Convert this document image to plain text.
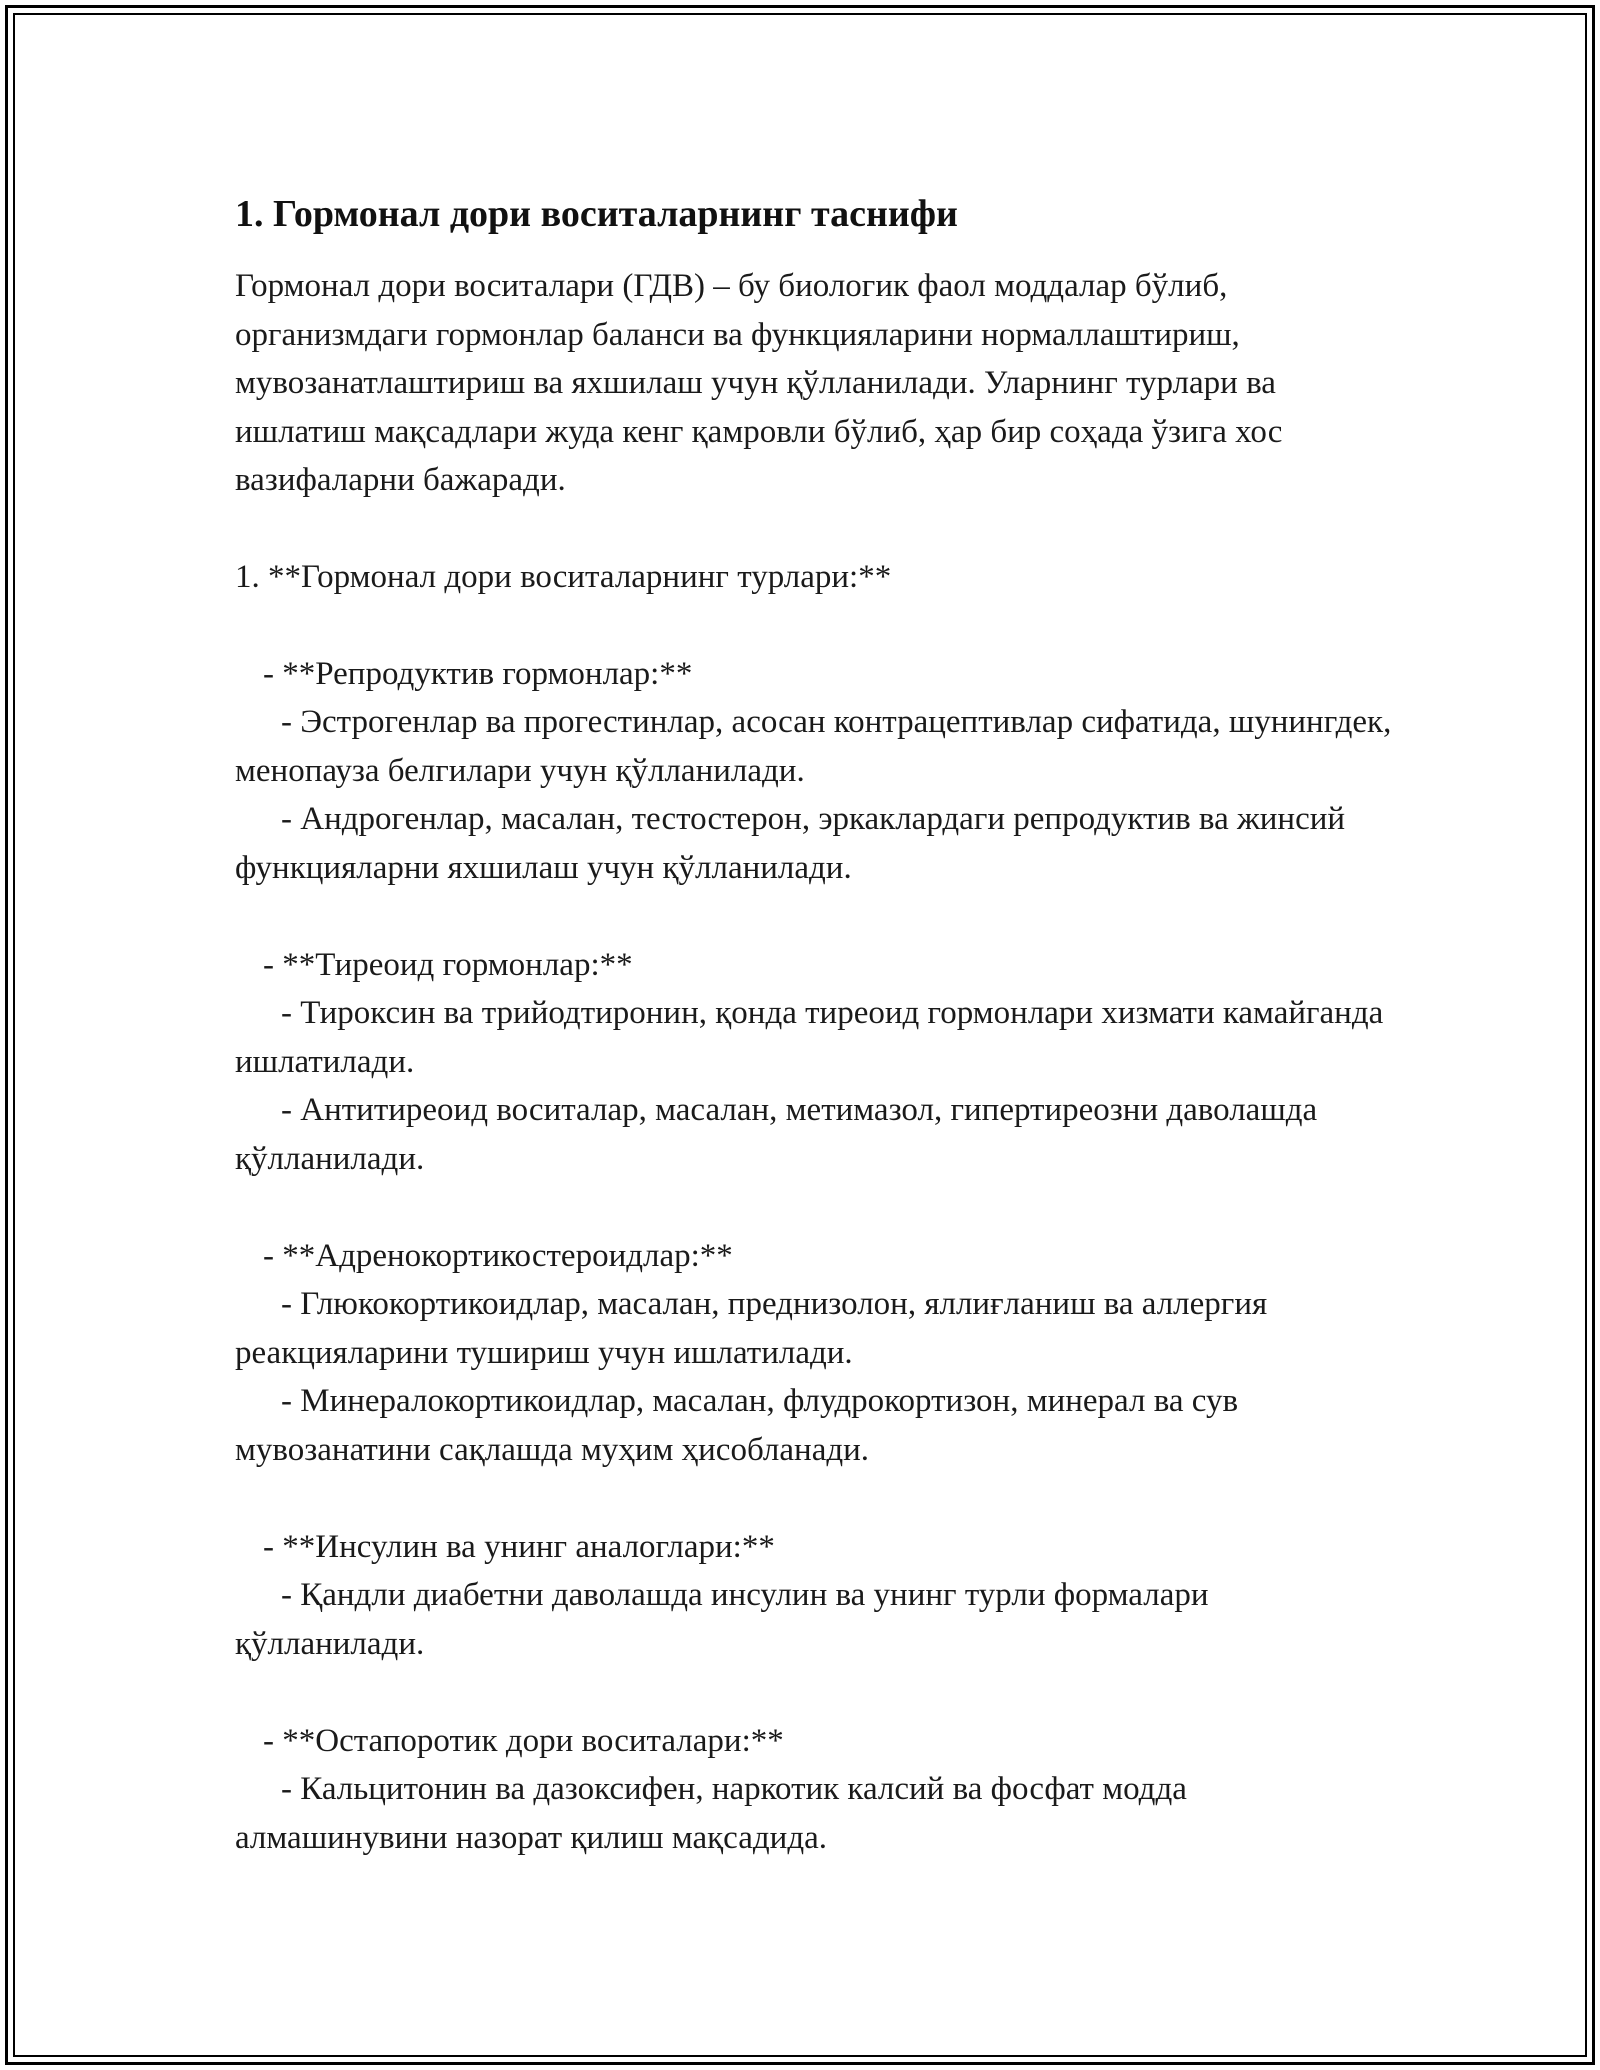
1. Гормонал дори воситаларнинг таснифи

Гормонал дори воситалари (ГДВ) – бу биологик фаол моддалар бўлиб, организмдаги гормонлар баланси ва функцияларини нормаллаштириш, мувозанатлаштириш ва яхшилаш учун қўлланилади. Уларнинг турлари ва ишлатиш мақсадлари жуда кенг қамровли бўлиб, ҳар бир соҳада ўзига хос вазифаларни бажаради.

1. **Гормонал дори воситаларнинг турлари:**

- **Репродуктив гормонлар:**

- Эстрогенлар ва прогестинлар, асосан контрацептивлар сифатида, шунингдек, менопауза белгилари учун қўлланилади.

- Андрогенлар, масалан, тестостерон, эркаклардаги репродуктив ва жинсий функцияларни яхшилаш учун қўлланилади.

- **Тиреоид гормонлар:**

- Тироксин ва трийодтиронин, қонда тиреоид гормонлари хизмати камайганда ишлатилади.

- Антитиреоид воситалар, масалан, метимазол, гипертиреозни даволашда қўлланилади.

- **Адренокортикостероидлар:**

- Глюкокортикоидлар, масалан, преднизолон, яллиғланиш ва аллергия реакцияларини тушириш учун ишлатилади.

- Минералокортикоидлар, масалан, флудрокортизон, минерал ва сув мувозанатини сақлашда муҳим ҳисобланади.

- **Инсулин ва унинг аналоглари:**

- Қандли диабетни даволашда инсулин ва унинг турли формалари қўлланилади.

- **Остапоротик дори воситалари:**

- Кальцитонин ва дазоксифен, наркотик калсий ва фосфат модда алмашинувини назорат қилиш мақсадида.
